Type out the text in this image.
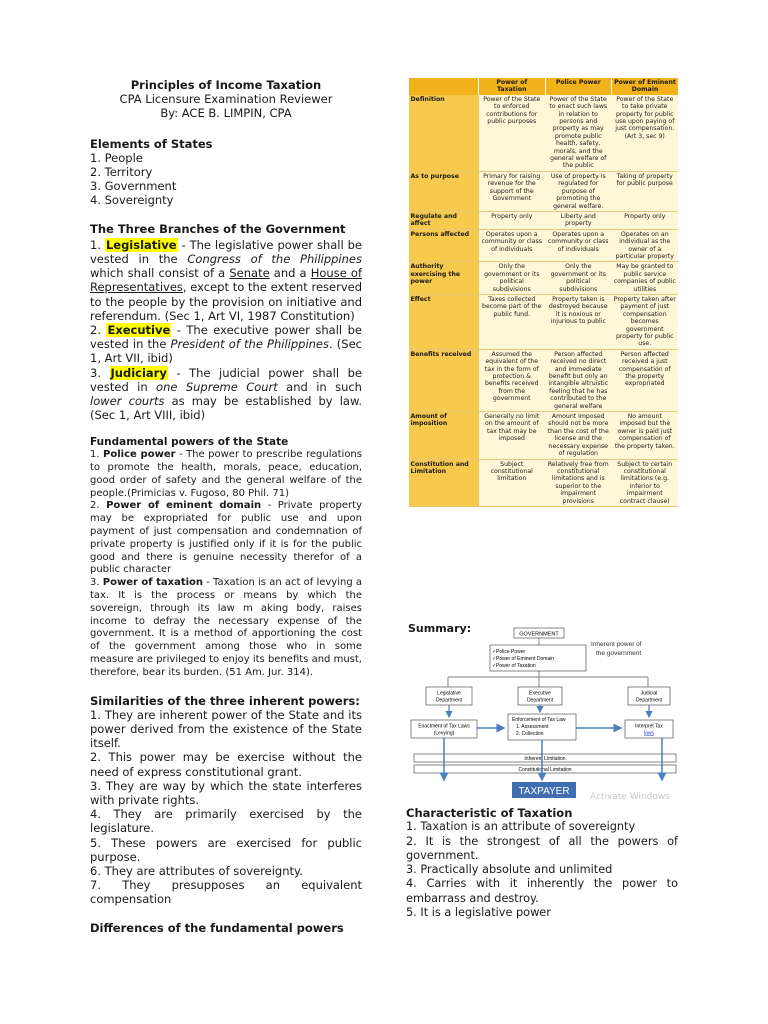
Principles of Income Taxation
CPA Licensure Examination Reviewer
By: ACE B. LIMPIN, CPA
Elements of States
1. People
2. Territory
3. Government
4. Sovereignty
The Three Branches of the Government
1. Legislative - The legislative power shall be vested in the Congress of the Philippines which shall consist of a Senate and a House of Representatives, except to the extent reserved to the people by the provision on initiative and referendum. (Sec 1, Art VI, 1987 Constitution)
2. Executive - The executive power shall be vested in the President of the Philippines. (Sec 1, Art VII, ibid)
3. Judiciary - The judicial power shall be vested in one Supreme Court and in such lower courts as may be established by law. (Sec 1, Art VIII, ibid)
Fundamental powers of the State
1. Police power - The power to prescribe regulations to promote the health, morals, peace, education, good order of safety and the general welfare of the people.(Primicias v. Fugoso, 80 Phil. 71)
2. Power of eminent domain - Private property may be expropriated for public use and upon payment of just compensation and condemnation of private property is justified only if it is for the public good and there is genuine necessity therefor of a public character
3. Power of taxation - Taxation is an act of levying a tax. It is the process or means by which the sovereign, through its law m aking body, raises income to defray the necessary expense of the government. It is a method of apportioning the cost of the government among those who in some measure are privileged to enjoy its benefits and must, therefore, bear its burden. (51 Am. Jur. 314).
Similarities of the three inherent powers:
1. They are inherent power of the State and its power derived from the existence of the State itself.
2. This power may be exercise without the need of express constitutional grant.
3. They are way by which the state interferes with private rights.
4. They are primarily exercised by the legislature.
5. These powers are exercised for public purpose.
6. They are attributes of sovereignty.
7. They presupposes an equivalent compensation
Differences of the fundamental powers
	Power of Taxation	Police Power	Power of Eminent Domain
Definition	Power of the State to enforced contributions for public purposes	Power of the State to enact such laws in relation to persons and property as may promote public health, safety, morals, and the general welfare of the public	Power of the State to take private property for public use upon paying of just compensation. (Art 3, sec 9)
As to purpose	Primary for raising revenue for the support of the Government	Use of property is regulated for purpose of promoting the general welfare.	Taking of property for public purpose
Regulate and affect	Property only	Liberty and property	Property only
Persons affected	Operates upon a community or class of individuals	Operates upon a community or class of individuals	Operates on an individual as the owner of a particular property
Authority exercising the power	Only the government or its political subdivisions	Only the government or its political subdivisions	May be granted to public service companies of public utilities
Effect	Taxes collected become part of the public fund.	Property taken is destroyed because it is noxious or injurious to public	Property taken after payment of just compensation becomes government property for public use.
Benefits received	Assumed the equivalent of the tax in the form of protection & benefits received from the government	Person affected received no direct and immediate benefit but only an intangible altruistic feeling that he has contributed to the general welfare	Person affected received a just compensation of the property expropriated
Amount of imposition	Generally no limit on the amount of tax that may be imposed	Amount imposed should not be more than the cost of the license and the necessary expense of regulation	No amount imposed but the owner is paid just compensation of the property taken.
Constitution and Limitation	Subject constitutional limitation	Relatively free from constitutional limitations and is superior to the impairment provisions	Subject to certain constitutional limitations (e.g. inferior to impairment contract clause)
Summary:	GOVERNMENT
Police Power
Power of Eminent Domain
Power of Taxation
✓
✓
✓
Inherent power of
the government
Legislative
Department
Executive
Department
Judicial
Department
Enactment of Tax Laws
(Levying)
Enforcement of Tax Law
1. Assessment
2. Collection
Interpret Tax
laws
Inherent Limitation
Constitutional Limitation
TAXPAYER Activate Windows
Characteristic of Taxation
1. Taxation is an attribute of sovereignty
2. It is the strongest of all the powers of government.
3. Practically absolute and unlimited
4. Carries with it inherently the power to embarrass and destroy.
5. It is a legislative power
